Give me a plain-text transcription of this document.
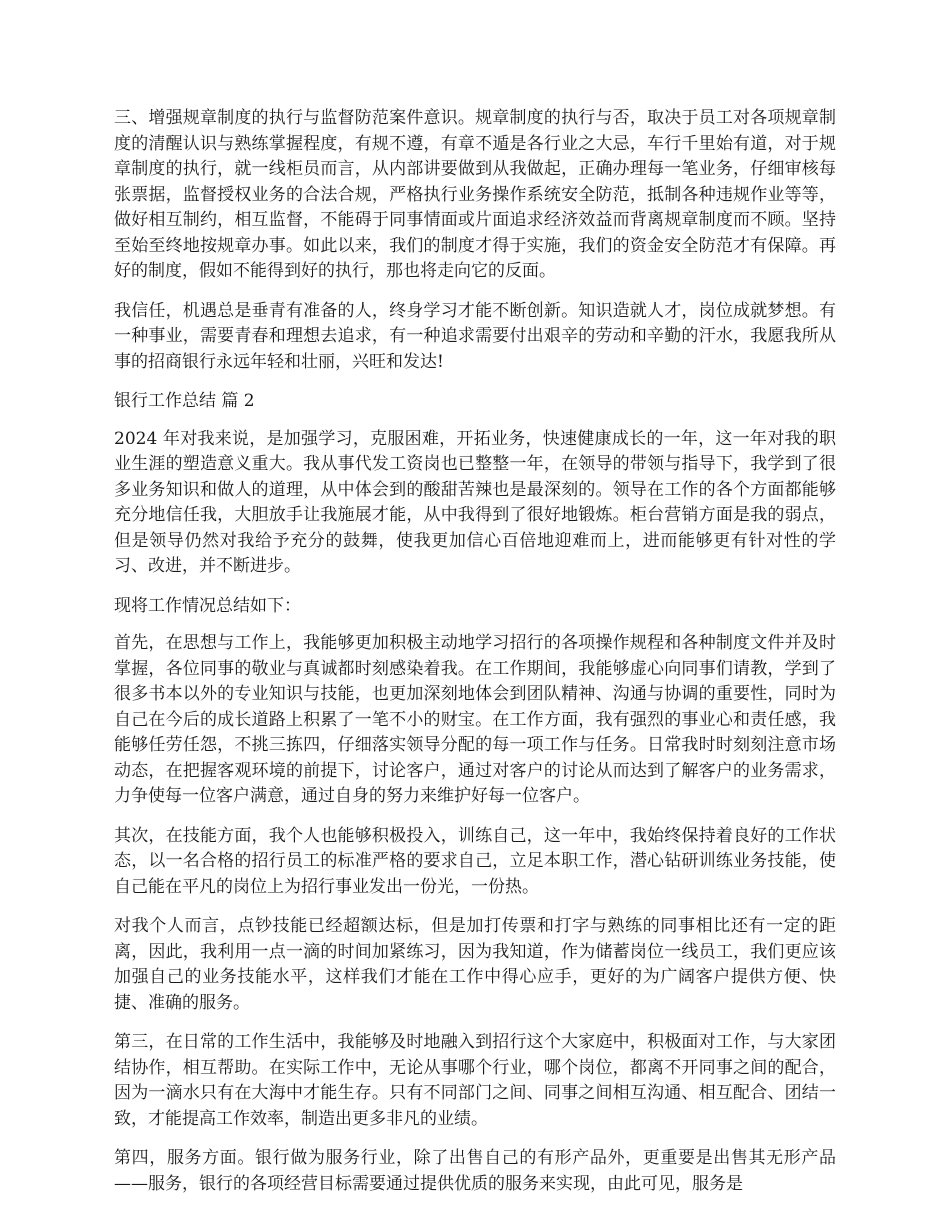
三、增强规章制度的执行与监督防范案件意识。规章制度的执行与否，取决于员工对各项规章制度的清醒认识与熟练掌握程度，有规不遵，有章不遁是各行业之大忌，车行千里始有道，对于规章制度的执行，就一线柜员而言，从内部讲要做到从我做起，正确办理每一笔业务，仔细审核每张票据，监督授权业务的合法合规，严格执行业务操作系统安全防范，抵制各种违规作业等等，做好相互制约，相互监督，不能碍于同事情面或片面追求经济效益而背离规章制度而不顾。坚持至始至终地按规章办事。如此以来，我们的制度才得于实施，我们的资金安全防范才有保障。再好的制度，假如不能得到好的执行，那也将走向它的反面。

我信任，机遇总是垂青有准备的人，终身学习才能不断创新。知识造就人才，岗位成就梦想。有一种事业，需要青春和理想去追求，有一种追求需要付出艰辛的劳动和辛勤的汗水，我愿我所从事的招商银行永远年轻和壮丽，兴旺和发达!

银行工作总结 篇 2

2024 年对我来说，是加强学习，克服困难，开拓业务，快速健康成长的一年，这一年对我的职业生涯的塑造意义重大。我从事代发工资岗也已整整一年，在领导的带领与指导下，我学到了很多业务知识和做人的道理，从中体会到的酸甜苦辣也是最深刻的。领导在工作的各个方面都能够充分地信任我，大胆放手让我施展才能，从中我得到了很好地锻炼。柜台营销方面是我的弱点，但是领导仍然对我给予充分的鼓舞，使我更加信心百倍地迎难而上，进而能够更有针对性的学习、改进，并不断进步。

现将工作情况总结如下：

首先，在思想与工作上，我能够更加积极主动地学习招行的各项操作规程和各种制度文件并及时掌握，各位同事的敬业与真诚都时刻感染着我。在工作期间，我能够虚心向同事们请教，学到了很多书本以外的专业知识与技能，也更加深刻地体会到团队精神、沟通与协调的重要性，同时为自己在今后的成长道路上积累了一笔不小的财宝。在工作方面，我有强烈的事业心和责任感，我能够任劳任怨，不挑三拣四，仔细落实领导分配的每一项工作与任务。日常我时时刻刻注意市场动态，在把握客观环境的前提下，讨论客户，通过对客户的讨论从而达到了解客户的业务需求，力争使每一位客户满意，通过自身的努力来维护好每一位客户。

其次，在技能方面，我个人也能够积极投入，训练自己，这一年中，我始终保持着良好的工作状态，以一名合格的招行员工的标准严格的要求自己，立足本职工作，潜心钻研训练业务技能，使自己能在平凡的岗位上为招行事业发出一份光，一份热。

对我个人而言，点钞技能已经超额达标，但是加打传票和打字与熟练的同事相比还有一定的距离，因此，我利用一点一滴的时间加紧练习，因为我知道，作为储蓄岗位一线员工，我们更应该加强自己的业务技能水平，这样我们才能在工作中得心应手，更好的为广阔客户提供方便、快捷、准确的服务。

第三，在日常的工作生活中，我能够及时地融入到招行这个大家庭中，积极面对工作，与大家团结协作，相互帮助。在实际工作中，无论从事哪个行业，哪个岗位，都离不开同事之间的配合，因为一滴水只有在大海中才能生存。只有不同部门之间、同事之间相互沟通、相互配合、团结一致，才能提高工作效率，制造出更多非凡的业绩。

第四，服务方面。银行做为服务行业，除了出售自己的有形产品外，更重要是出售其无形产品——服务，银行的各项经营目标需要通过提供优质的服务来实现，由此可见，服务是
